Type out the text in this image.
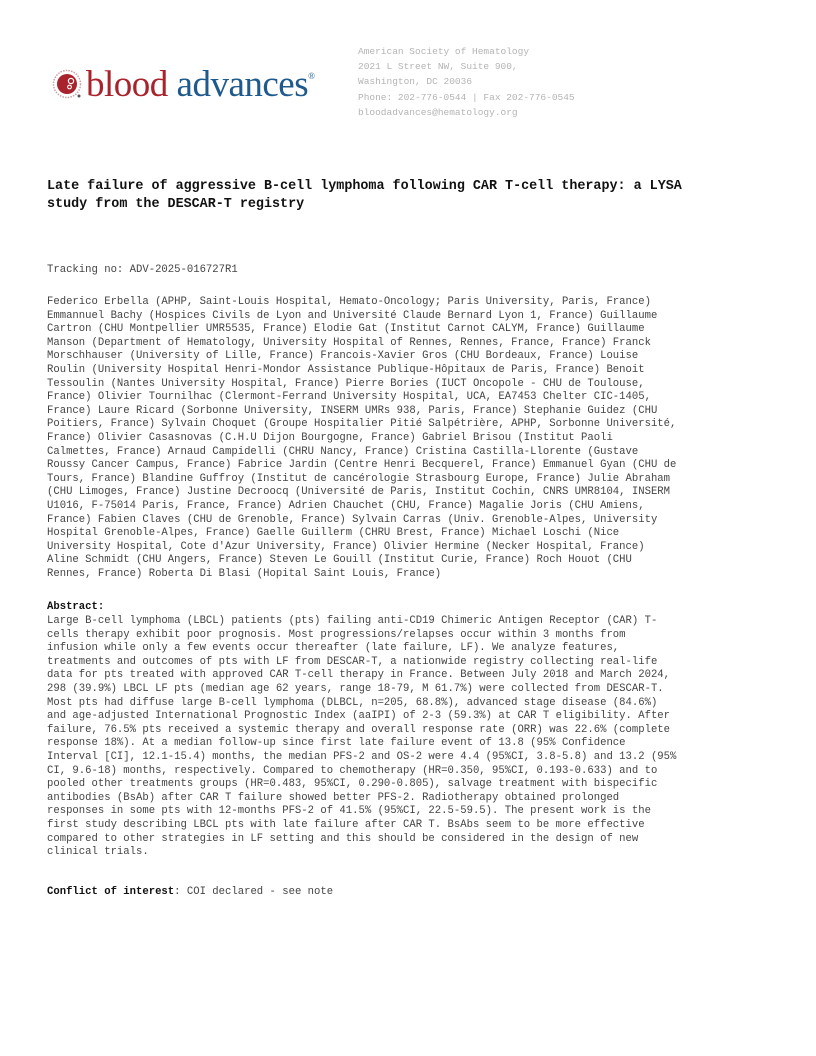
blood advances®
American Society of Hematology
2021 L Street NW, Suite 900,
Washington, DC 20036
Phone: 202-776-0544 | Fax 202-776-0545
bloodadvances@hematology.org
Late failure of aggressive B-cell lymphoma following CAR T-cell therapy: a LYSA
study from the DESCAR-T registry
Tracking no: ADV-2025-016727R1
Federico Erbella (APHP, Saint-Louis Hospital, Hemato-Oncology; Paris University, Paris, France)
Emmannuel Bachy (Hospices Civils de Lyon and Université Claude Bernard Lyon 1, France) Guillaume
Cartron (CHU Montpellier UMR5535, France) Elodie Gat (Institut Carnot CALYM, France) Guillaume
Manson (Department of Hematology, University Hospital of Rennes, Rennes, France, France) Franck
Morschhauser (University of Lille, France) Francois-Xavier Gros (CHU Bordeaux, France) Louise
Roulin (University Hospital Henri-Mondor Assistance Publique-Hôpitaux de Paris, France) Benoit
Tessoulin (Nantes University Hospital, France) Pierre Bories (IUCT Oncopole - CHU de Toulouse,
France) Olivier Tournilhac (Clermont-Ferrand University Hospital, UCA, EA7453 Chelter CIC-1405,
France) Laure Ricard (Sorbonne University, INSERM UMRs 938, Paris, France) Stephanie Guidez (CHU
Poitiers, France) Sylvain Choquet (Groupe Hospitalier Pitié Salpétrière, APHP, Sorbonne Université,
France) Olivier Casasnovas (C.H.U Dijon Bourgogne, France) Gabriel Brisou (Institut Paoli
Calmettes, France) Arnaud Campidelli (CHRU Nancy, France) Cristina Castilla-Llorente (Gustave
Roussy Cancer Campus, France) Fabrice Jardin (Centre Henri Becquerel, France) Emmanuel Gyan (CHU de
Tours, France) Blandine Guffroy (Institut de cancérologie Strasbourg Europe, France) Julie Abraham
(CHU Limoges, France) Justine Decroocq (Université de Paris, Institut Cochin, CNRS UMR8104, INSERM
U1016, F-75014 Paris, France, France) Adrien Chauchet (CHU, France) Magalie Joris (CHU Amiens,
France) Fabien Claves (CHU de Grenoble, France) Sylvain Carras (Univ. Grenoble-Alpes, University
Hospital Grenoble-Alpes, France) Gaelle Guillerm (CHRU Brest, France) Michael Loschi (Nice
University Hospital, Cote d'Azur University, France) Olivier Hermine (Necker Hospital, France)
Aline Schmidt (CHU Angers, France) Steven Le Gouill (Institut Curie, France) Roch Houot (CHU
Rennes, France) Roberta Di Blasi (Hopital Saint Louis, France)
Abstract:
Large B-cell lymphoma (LBCL) patients (pts) failing anti-CD19 Chimeric Antigen Receptor (CAR) T-
cells therapy exhibit poor prognosis. Most progressions/relapses occur within 3 months from
infusion while only a few events occur thereafter (late failure, LF). We analyze features,
treatments and outcomes of pts with LF from DESCAR-T, a nationwide registry collecting real-life
data for pts treated with approved CAR T-cell therapy in France. Between July 2018 and March 2024,
298 (39.9%) LBCL LF pts (median age 62 years, range 18-79, M 61.7%) were collected from DESCAR-T.
Most pts had diffuse large B-cell lymphoma (DLBCL, n=205, 68.8%), advanced stage disease (84.6%)
and age-adjusted International Prognostic Index (aaIPI) of 2-3 (59.3%) at CAR T eligibility. After
failure, 76.5% pts received a systemic therapy and overall response rate (ORR) was 22.6% (complete
response 18%). At a median follow-up since first late failure event of 13.8 (95% Confidence
Interval [CI], 12.1-15.4) months, the median PFS-2 and OS-2 were 4.4 (95%CI, 3.8-5.8) and 13.2 (95%
CI, 9.6-18) months, respectively. Compared to chemotherapy (HR=0.350, 95%CI, 0.193-0.633) and to
pooled other treatments groups (HR=0.483, 95%CI, 0.290-0.805), salvage treatment with bispecific
antibodies (BsAb) after CAR T failure showed better PFS-2. Radiotherapy obtained prolonged
responses in some pts with 12-months PFS-2 of 41.5% (95%CI, 22.5-59.5). The present work is the
first study describing LBCL pts with late failure after CAR T. BsAbs seem to be more effective
compared to other strategies in LF setting and this should be considered in the design of new
clinical trials.
Conflict of interest: COI declared - see note
